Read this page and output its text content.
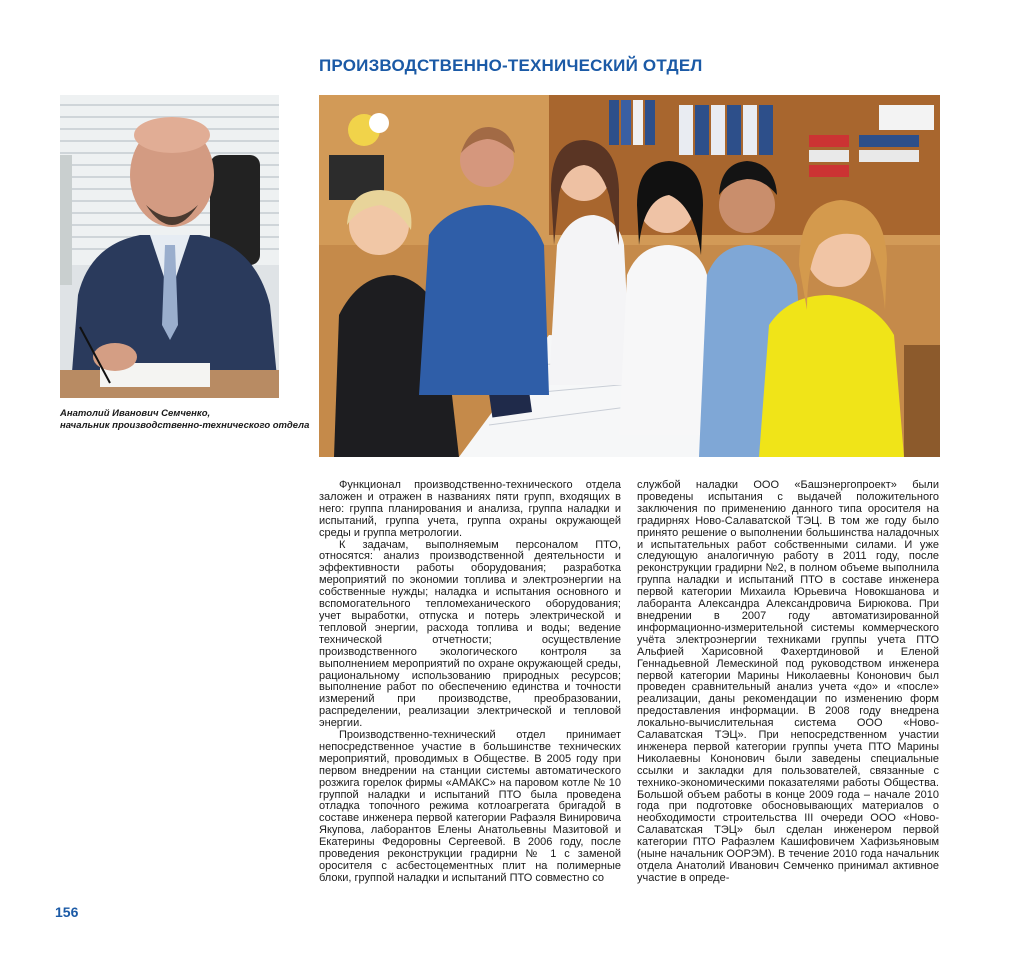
ПРОИЗВОДСТВЕННО-ТЕХНИЧЕСКИЙ ОТДЕЛ
Анатолий Иванович Семченко,
начальник производственно-технического отдела

Функционал производственно-технического отдела заложен и отражен в названиях пяти групп, входящих в него: группа планирования и анализа, группа наладки и испытаний, группа учета, группа охраны окружающей среды и группа метрологии.

К задачам, выполняемым персоналом ПТО, относятся: анализ производственной деятельности и эффективности работы оборудования; разработка мероприятий по экономии топлива и электроэнергии на собственные нужды; наладка и испытания основного и вспомогательного тепломеханического оборудования; учет выработки, отпуска и потерь электрической и тепловой энергии, расхода топлива и воды; ведение технической отчетности; осуществление производственного экологического контроля за выполнением мероприятий по охране окружающей среды, рациональному использованию природных ресурсов; выполнение работ по обеспечению единства и точности измерений при производстве, преобразовании, распределении, реализации электрической и тепловой энергии.

Производственно-технический отдел принимает непосредственное участие в большинстве технических мероприятий, проводимых в Обществе. В 2005 году при первом внедрении на станции системы автоматического розжига горелок фирмы «АМАКС» на паровом котле № 10 группой наладки и испытаний ПТО была проведена отладка топочного режима котлоагрегата бригадой в составе инженера первой категории Рафаэля Винировича Якупова, лаборантов Елены Анатольевны Мазитовой и Екатерины Федоровны Сергеевой. В 2006 году, после проведения реконструкции градирни № 1 с заменой оросителя с асбестоцементных плит на полимерные блоки, группой наладки и испытаний ПТО совместно со

службой наладки ООО «Башэнергопроект» были проведены испытания с выдачей положительного заключения по применению данного типа оросителя на градирнях Ново-Салаватской ТЭЦ. В том же году было принято решение о выполнении большинства наладочных и испытательных работ собственными силами. И уже следующую аналогичную работу в 2011 году, после реконструкции градирни №2, в полном объеме выполнила группа наладки и испытаний ПТО в составе инженера первой категории Михаила Юрьевича Новокшанова и лаборанта Александра Александровича Бирюкова. При внедрении в 2007 году автоматизированной информационно-измерительной системы коммерческого учёта электроэнергии техниками группы учета ПТО Альфией Харисовной Фахертдиновой и Еленой Геннадьевной Лемескиной под руководством инженера первой категории Марины Николаевны Кононович был проведен сравнительный анализ учета «до» и «после» реализации, даны рекомендации по изменению форм предоставления информации. В 2008 году внедрена локально-вычислительная система ООО «Ново-Салаватская ТЭЦ». При непосредственном участии инженера первой категории группы учета ПТО Марины Николаевны Кононович были заведены специальные ссылки и закладки для пользователей, связанные с технико-экономическими показателями работы Общества. Большой объем работы в конце 2009 года – начале 2010 года при подготовке обосновывающих материалов о необходимости строительства III очереди ООО «Ново-Салаватская ТЭЦ» был сделан инженером первой категории ПТО Рафаэлем Кашифовичем Хафизьяновым (ныне начальник ООРЭМ). В течение 2010 года начальник отдела Анатолий Иванович Семченко принимал активное участие в опреде-

156
